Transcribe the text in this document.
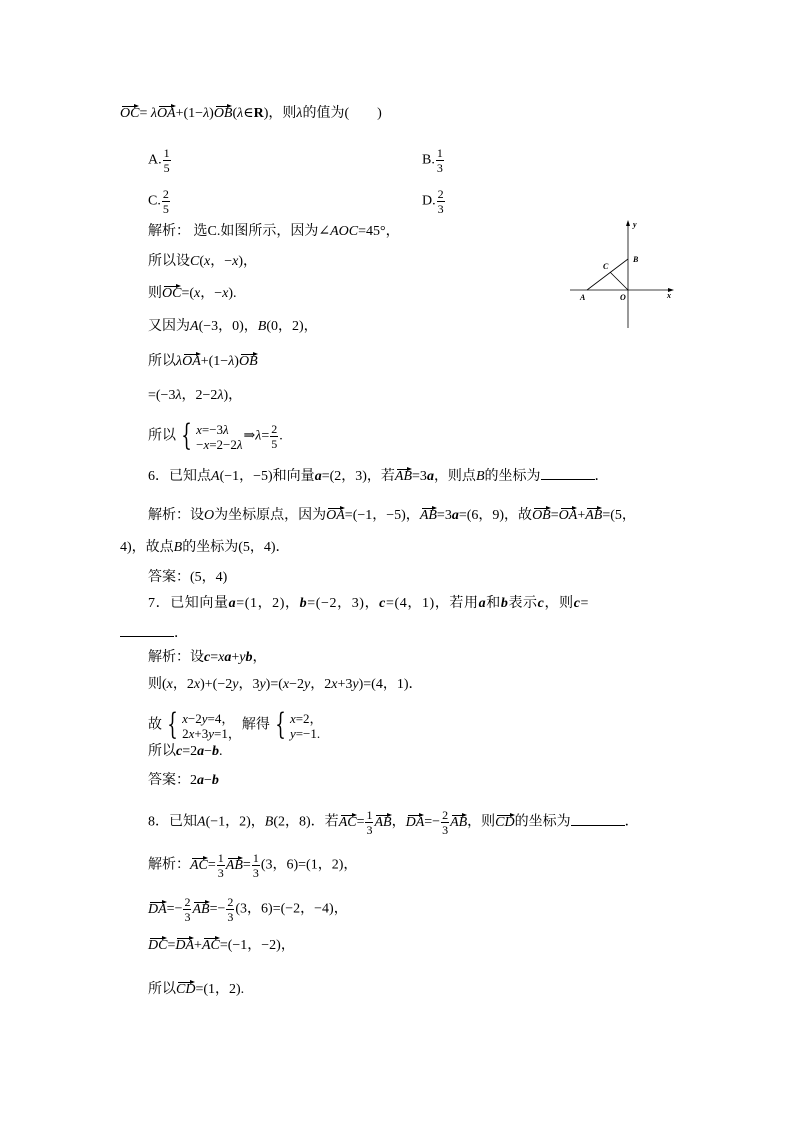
OC= λOA+(1−λ)OB(λ∈R)，则λ的值为(　　)
A. $\frac{1}{5}$	B. $\frac{1}{3}$
C. $\frac{2}{5}$	D. $\frac{2}{3}$
解析： 选C.如图所示，因为∠AOC=45°，
所以设C(x，−x)，
则OC=(x，−x).
又因为A(−3，0)，B(0，2)，
所以λOA+(1−λ)OB
=(−3λ，2−2λ)，
所以 { x=−3λ
−x=2−2λ
⇒λ= $\frac{2}{5}$ .
y
x
A	O
B
C
6．已知点A(−1，−5)和向量a=(2，3)，若AB=3a，则点B的坐标为	．
解析：设O为坐标原点，因为OA=(−1，−5)，AB=3a=(6，9)，故OB=OA+AB=(5，
4)，故点B的坐标为(5，4)．
答案：(5，4)
7．已知向量a=(1，2)，b=(−2，3)，c=(4，1)，若用a和b表示c，则c=
．
解析：设c=xa+yb，
则(x，2x)+(−2y，3y)=(x−2y，2x+3y)=(4，1)．
故 { x−2y=4，
2x+3y=1，
解得 { x=2，
y=−1.
所以c=2a−b.
答案：2a−b
8．已知A(−1，2)，B(2，8)．若$AC= \frac{1}{3}$ AB，$DA=- \frac{2}{3}$ AB，则CD的坐标为	．
解析：$AC= \frac{1}{3} AB= \frac{1}{3} (3$，6)=(1，2)，
$DA=- \frac{2}{3} AB=- \frac{2}{3} (3$，6)=(−2，−4)，
DC=DA+AC=(−1，−2)，
所以CD=(1，2).
